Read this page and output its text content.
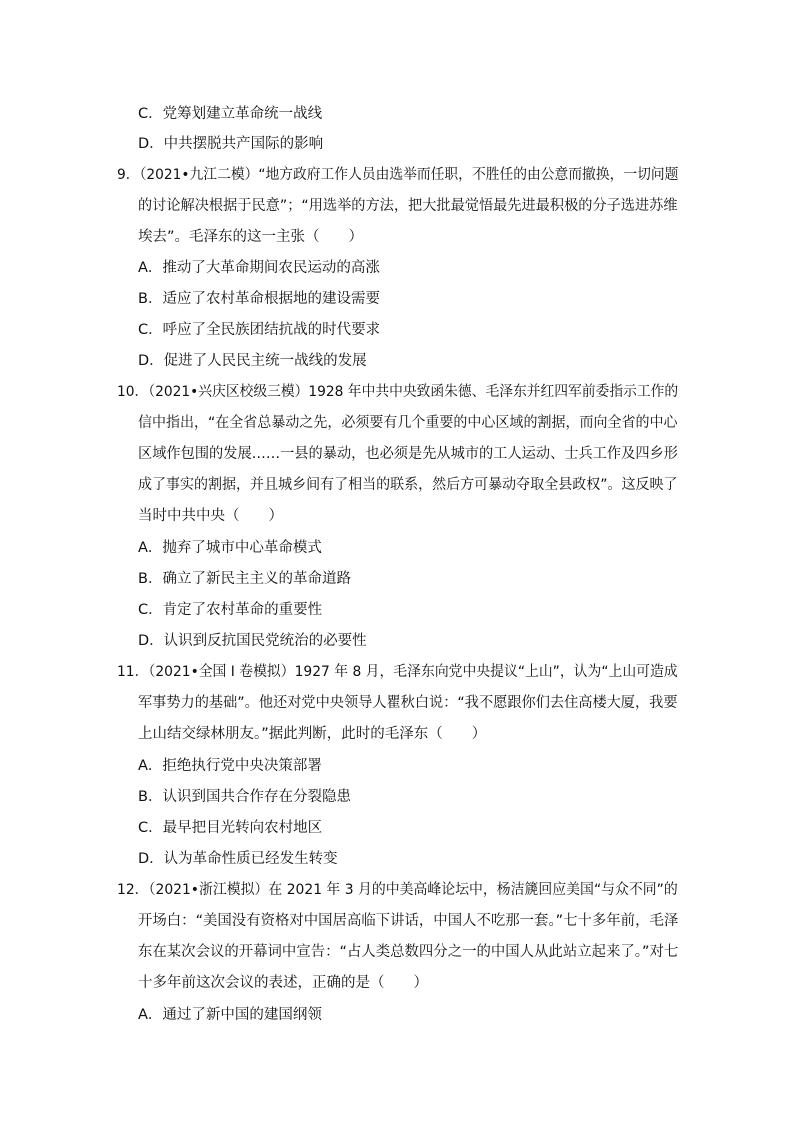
C．党筹划建立革命统一战线
D．中共摆脱共产国际的影响
9．（2021•九江二模）“地方政府工作人员由选举而任职，不胜任的由公意而撤换，一切问题
的讨论解决根据于民意”；“用选举的方法，把大批最觉悟最先进最积极的分子选进苏维
埃去”。毛泽东的这一主张（　　）
A．推动了大革命期间农民运动的高涨
B．适应了农村革命根据地的建设需要
C．呼应了全民族团结抗战的时代要求
D．促进了人民民主统一战线的发展
10．（2021•兴庆区校级三模）1928 年中共中央致函朱德、毛泽东并红四军前委指示工作的
信中指出，“在全省总暴动之先，必须要有几个重要的中心区域的割据，而向全省的中心
区域作包围的发展……一县的暴动，也必须是先从城市的工人运动、士兵工作及四乡形
成了事实的割据，并且城乡间有了相当的联系，然后方可暴动夺取全县政权”。这反映了
当时中共中央（　　）
A．抛弃了城市中心革命模式
B．确立了新民主主义的革命道路
C．肯定了农村革命的重要性
D．认识到反抗国民党统治的必要性
11．（2021•全国 I 卷模拟）1927 年 8 月，毛泽东向党中央提议“上山”，认为“上山可造成
军事势力的基础”。他还对党中央领导人瞿秋白说：“我不愿跟你们去住高楼大厦，我要
上山结交绿林朋友。”据此判断，此时的毛泽东（　　）
A．拒绝执行党中央决策部署
B．认识到国共合作存在分裂隐患
C．最早把目光转向农村地区
D．认为革命性质已经发生转变
12．（2021•浙江模拟）在 2021 年 3 月的中美高峰论坛中，杨洁篪回应美国“与众不同”的
开场白：“美国没有资格对中国居高临下讲话，中国人不吃那一套。”七十多年前，毛泽
东在某次会议的开幕词中宣告：“占人类总数四分之一的中国人从此站立起来了。”对七
十多年前这次会议的表述，正确的是（　　）
A．通过了新中国的建国纲领
